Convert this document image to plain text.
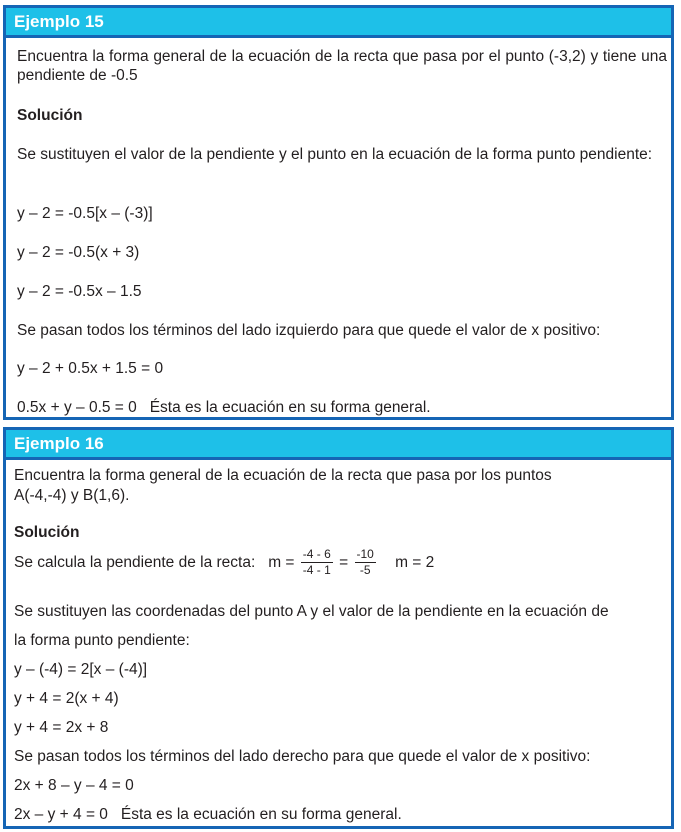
Ejemplo 15

Encuentra la forma general de la ecuación de la recta que pasa por el punto (-3,2) y tiene una pendiente de -0.5

Solución

Se sustituyen el valor de la pendiente y el punto en la ecuación de la forma punto pendiente:

y – 2 = -0.5[x – (-3)]

y – 2 = -0.5(x + 3)

y – 2 = -0.5x – 1.5

Se pasan todos los términos del lado izquierdo para que quede el valor de x positivo:

y – 2 + 0.5x + 1.5 = 0

0.5x + y – 0.5 = 0 Ésta es la ecuación en su forma general.

Ejemplo 16

Encuentra la forma general de la ecuación de la recta que pasa por los puntos

A(-4,-4) y B(1,6).

Solución

Se calcula la pendiente de la recta: $m = \frac{-4 - 6}{-4 - 1} = \frac{-10}{-5}$ m = 2

Se sustituyen las coordenadas del punto A y el valor de la pendiente en la ecuación de

la forma punto pendiente:

y – (-4) = 2[x – (-4)]

y + 4 = 2(x + 4)

y + 4 = 2x + 8

Se pasan todos los términos del lado derecho para que quede el valor de x positivo:

2x + 8 – y – 4 = 0

2x – y + 4 = 0 Ésta es la ecuación en su forma general.
